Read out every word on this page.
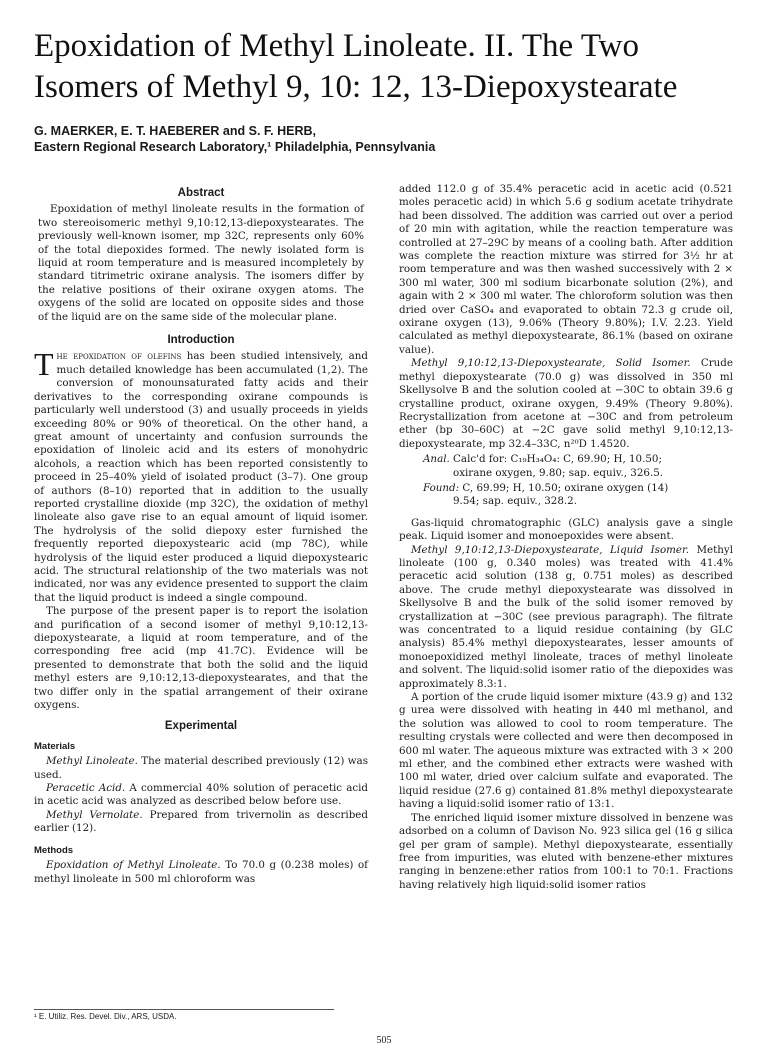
Epoxidation of Methyl Linoleate. II. The Two Isomers of Methyl 9, 10: 12, 13-Diepoxystearate
G. MAERKER, E. T. HAEBERER and S. F. HERB,
Eastern Regional Research Laboratory,¹ Philadelphia, Pennsylvania
Abstract

Epoxidation of methyl linoleate results in the formation of two stereoisomeric methyl 9,10:12,13-diepoxystearates. The previously well-known isomer, mp 32C, represents only 60% of the total diepoxides formed. The newly isolated form is liquid at room temperature and is measured incompletely by standard titrimetric oxirane analysis. The isomers differ by the relative positions of their oxirane oxygen atoms. The oxygens of the solid are located on opposite sides and those of the liquid are on the same side of the molecular plane.

Introduction

The epoxidation of olefins has been studied intensively, and much detailed knowledge has been accumulated (1,2). The conversion of monounsaturated fatty acids and their derivatives to the corresponding oxirane compounds is particularly well understood (3) and usually proceeds in yields exceeding 80% or 90% of theoretical. On the other hand, a great amount of uncertainty and confusion surrounds the epoxidation of linoleic acid and its esters of monohydric alcohols, a reaction which has been reported consistently to proceed in 25–40% yield of isolated product (3–7). One group of authors (8–10) reported that in addition to the usually reported crystalline dioxide (mp 32C), the oxidation of methyl linoleate also gave rise to an equal amount of liquid isomer. The hydrolysis of the solid diepoxy ester furnished the frequently reported diepoxystearic acid (mp 78C), while hydrolysis of the liquid ester produced a liquid diepoxystearic acid. The structural relationship of the two materials was not indicated, nor was any evidence presented to support the claim that the liquid product is indeed a single compound.

The purpose of the present paper is to report the isolation and purification of a second isomer of methyl 9,10:12,13-diepoxystearate, a liquid at room temperature, and of the corresponding free acid (mp 41.7C). Evidence will be presented to demonstrate that both the solid and the liquid methyl esters are 9,10:12,13-diepoxystearates, and that the two differ only in the spatial arrangement of their oxirane oxygens.

Experimental
Materials

Methyl Linoleate. The material described previously (12) was used.

Peracetic Acid. A commercial 40% solution of peracetic acid in acetic acid was analyzed as described below before use.

Methyl Vernolate. Prepared from trivernolin as described earlier (12).

Methods

Epoxidation of Methyl Linoleate. To 70.0 g (0.238 moles) of methyl linoleate in 500 ml chloroform was

added 112.0 g of 35.4% peracetic acid in acetic acid (0.521 moles peracetic acid) in which 5.6 g sodium acetate trihydrate had been dissolved. The addition was carried out over a period of 20 min with agitation, while the reaction temperature was controlled at 27–29C by means of a cooling bath. After addition was complete the reaction mixture was stirred for 3½ hr at room temperature and was then washed successively with 2 × 300 ml water, 300 ml sodium bicarbonate solution (2%), and again with 2 × 300 ml water. The chloroform solution was then dried over CaSO₄ and evaporated to obtain 72.3 g crude oil, oxirane oxygen (13), 9.06% (Theory 9.80%); I.V. 2.23. Yield calculated as methyl diepoxystearate, 86.1% (based on oxirane value).

Methyl 9,10:12,13-Diepoxystearate, Solid Isomer. Crude methyl diepoxystearate (70.0 g) was dissolved in 350 ml Skellysolve B and the solution cooled at −30C to obtain 39.6 g crystalline product, oxirane oxygen, 9.49% (Theory 9.80%). Recrystallization from acetone at −30C and from petroleum ether (bp 30–60C) at −2C gave solid methyl 9,10:12,13-diepoxystearate, mp 32.4–33C, n²⁰D 1.4520.

Anal. Calc'd for: C₁₉H₃₄O₄: C, 69.90; H, 10.50;
oxirane oxygen, 9.80; sap. equiv., 326.5.

Found: C, 69.99; H, 10.50; oxirane oxygen (14)
9.54; sap. equiv., 328.2.

Gas-liquid chromatographic (GLC) analysis gave a single peak. Liquid isomer and monoepoxides were absent.

Methyl 9,10:12,13-Diepoxystearate, Liquid Isomer. Methyl linoleate (100 g, 0.340 moles) was treated with 41.4% peracetic acid solution (138 g, 0.751 moles) as described above. The crude methyl diepoxystearate was dissolved in Skellysolve B and the bulk of the solid isomer removed by crystallization at −30C (see previous paragraph). The filtrate was concentrated to a liquid residue containing (by GLC analysis) 85.4% methyl diepoxystearates, lesser amounts of monoepoxidized methyl linoleate, traces of methyl linoleate and solvent. The liquid:solid isomer ratio of the diepoxides was approximately 8.3:1.

A portion of the crude liquid isomer mixture (43.9 g) and 132 g urea were dissolved with heating in 440 ml methanol, and the solution was allowed to cool to room temperature. The resulting crystals were collected and were then decomposed in 600 ml water. The aqueous mixture was extracted with 3 × 200 ml ether, and the combined ether extracts were washed with 100 ml water, dried over calcium sulfate and evaporated. The liquid residue (27.6 g) contained 81.8% methyl diepoxystearate having a liquid:solid isomer ratio of 13:1.

The enriched liquid isomer mixture dissolved in benzene was adsorbed on a column of Davison No. 923 silica gel (16 g silica gel per gram of sample). Methyl diepoxystearate, essentially free from impurities, was eluted with benzene-ether mixtures ranging in benzene:ether ratios from 100:1 to 70:1. Fractions having relatively high liquid:solid isomer ratios

¹ E. Utiliz. Res. Devel. Div., ARS, USDA.
505
